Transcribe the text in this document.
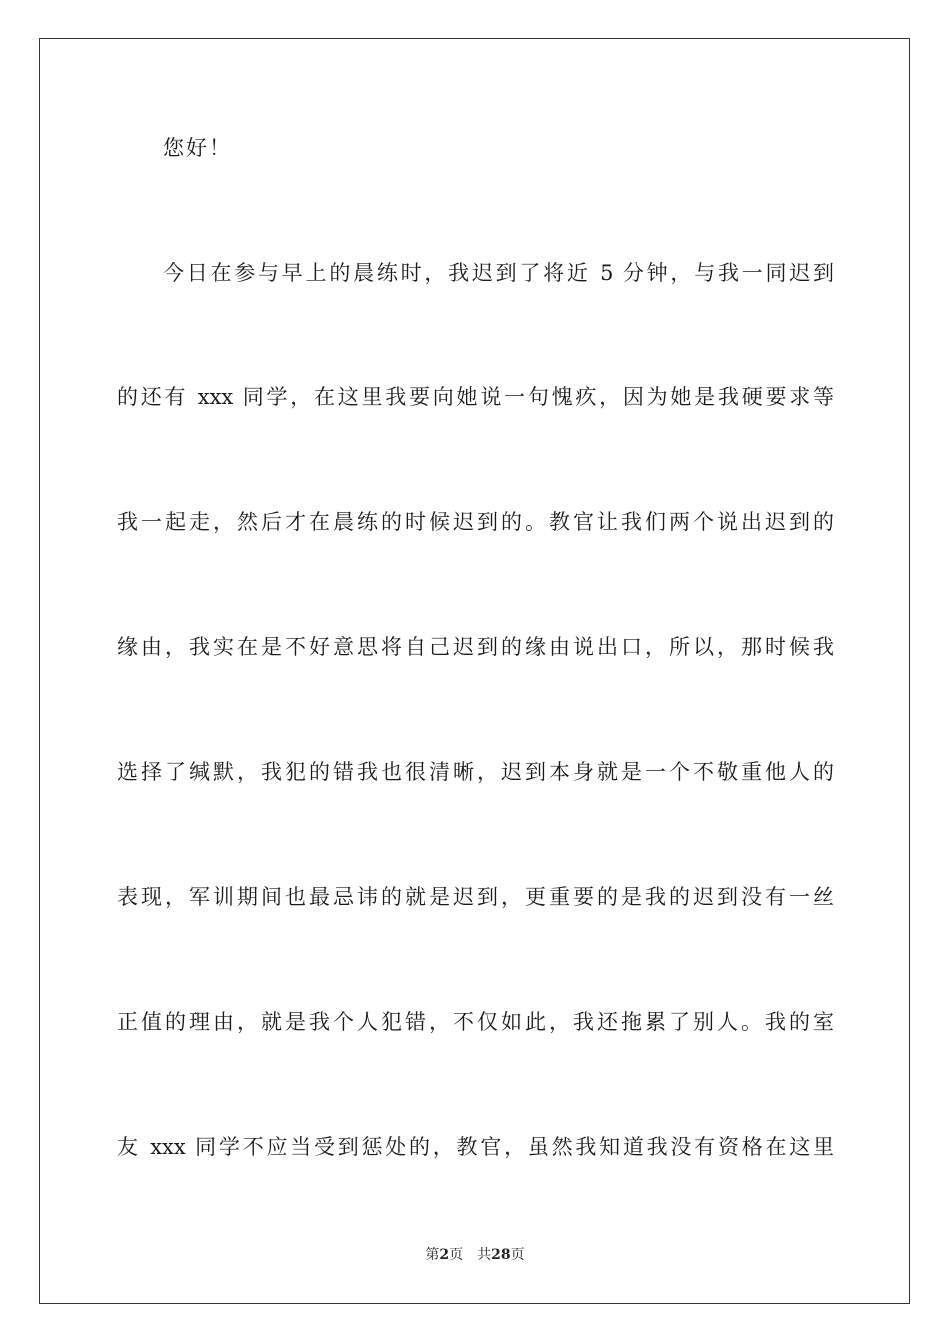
您好！
今日在参与早上的晨练时，我迟到了将近 5 分钟，与我一同迟到
的还有 xxx 同学，在这里我要向她说一句愧疚，因为她是我硬要求等
我一起走，然后才在晨练的时候迟到的。教官让我们两个说出迟到的
缘由，我实在是不好意思将自己迟到的缘由说出口，所以，那时候我
选择了缄默，我犯的错我也很清晰，迟到本身就是一个不敬重他人的
表现，军训期间也最忌讳的就是迟到，更重要的是我的迟到没有一丝
正值的理由，就是我个人犯错，不仅如此，我还拖累了别人。我的室
友 xxx 同学不应当受到惩处的，教官，虽然我知道我没有资格在这里
第2页 共28页
